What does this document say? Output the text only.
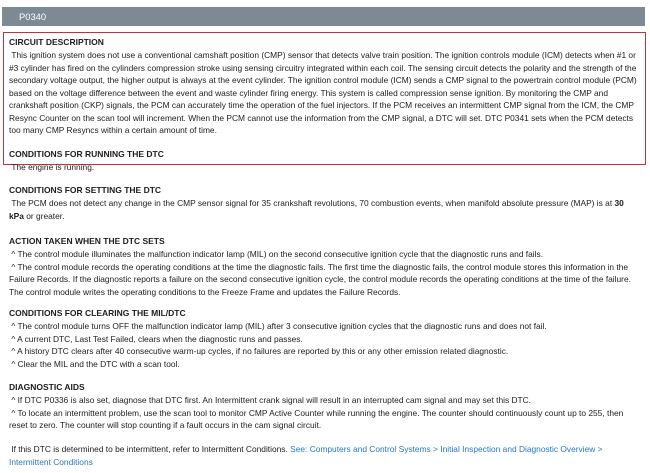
P0340
CIRCUIT DESCRIPTION

This ignition system does not use a conventional camshaft position (CMP) sensor that detects valve train position. The ignition controls module (ICM) detects when #1 or #3 cylinder has fired on the cylinders compression stroke using sensing circuitry integrated within each coil. The sensing circuit detects the polarity and the strength of the secondary voltage output, the higher output is always at the event cylinder. The ignition control module (ICM) sends a CMP signal to the powertrain control module (PCM) based on the voltage difference between the event and waste cylinder firing energy. This system is called compression sense ignition. By monitoring the CMP and crankshaft position (CKP) signals, the PCM can accurately time the operation of the fuel injectors. If the PCM receives an intermittent CMP signal from the ICM, the CMP Resync Counter on the scan tool will increment. When the PCM cannot use the information from the CMP signal, a DTC will set. DTC P0341 sets when the PCM detects too many CMP Resyncs within a certain amount of time.

CONDITIONS FOR RUNNING THE DTC

The engine is running.

CONDITIONS FOR SETTING THE DTC

The PCM does not detect any change in the CMP sensor signal for 35 crankshaft revolutions, 70 combustion events, when manifold absolute pressure (MAP) is at 30 kPa or greater.

ACTION TAKEN WHEN THE DTC SETS

^ The control module illuminates the malfunction indicator lamp (MIL) on the second consecutive ignition cycle that the diagnostic runs and fails.

^ The control module records the operating conditions at the time the diagnostic fails. The first time the diagnostic fails, the control module stores this information in the Failure Records. If the diagnostic reports a failure on the second consecutive ignition cycle, the control module records the operating conditions at the time of the failure. The control module writes the operating conditions to the Freeze Frame and updates the Failure Records.

CONDITIONS FOR CLEARING THE MIL/DTC

^ The control module turns OFF the malfunction indicator lamp (MIL) after 3 consecutive ignition cycles that the diagnostic runs and does not fail.

^ A current DTC, Last Test Failed, clears when the diagnostic runs and passes.

^ A history DTC clears after 40 consecutive warm-up cycles, if no failures are reported by this or any other emission related diagnostic.

^ Clear the MIL and the DTC with a scan tool.

DIAGNOSTIC AIDS

^ If DTC P0336 is also set, diagnose that DTC first. An Intermittent crank signal will result in an interrupted cam signal and may set this DTC.

^ To locate an intermittent problem, use the scan tool to monitor CMP Active Counter while running the engine. The counter should continuously count up to 255, then reset to zero. The counter will stop counting if a fault occurs in the cam signal circuit.

If this DTC is determined to be intermittent, refer to Intermittent Conditions. See: Computers and Control Systems > Initial Inspection and Diagnostic Overview > Intermittent Conditions
